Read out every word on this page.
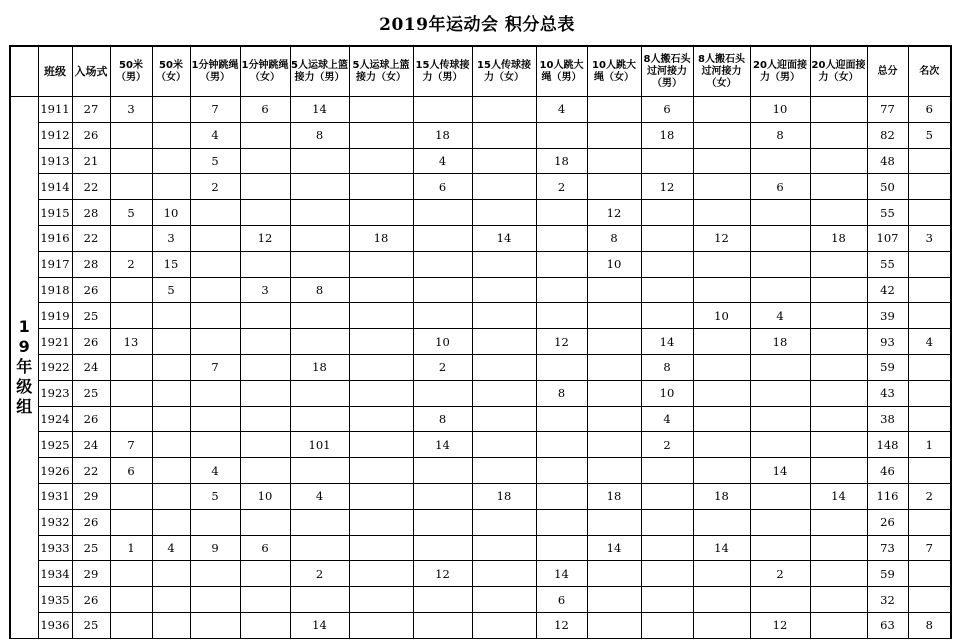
2019年运动会 积分总表
	班级	入场式	50米（男）	50米（女）	1分钟跳绳（男）	1分钟跳绳（女）	5人运球上篮接力（男）	5人运球上篮接力（女）	15人传球接力（男）	15人传球接力（女）	10人跳大绳（男）	10人跳大绳（女）	8人搬石头过河接力（男）	8人搬石头过河接力（女）	20人迎面接力（男）	20人迎面接力（女）	总分	名次
1
9
年
级
组	1911	27	3		7	6	14				4		6		10		77	6
	1912	26			4		8		18				18		8		82	5
	1913	21			5				4		18						48	
	1914	22			2				6		2		12		6		50	
	1915	28	5	10								12					55	
	1916	22		3		12		18		14		8		12		18	107	3
	1917	28	2	15								10					55	
	1918	26		5		3	8										42	
	1919	25												10	4		39	
	1921	26	13						10		12		14		18		93	4
	1922	24			7		18		2				8				59	
	1923	25									8		10				43	
	1924	26							8				4				38	
	1925	24	7				101		14				2				148	1
	1926	22	6		4										14		46	
	1931	29			5	10	4			18		18		18		14	116	2
	1932	26															26	
	1933	25	1	4	9	6						14		14			73	7
	1934	29					2		12		14				2		59	
	1935	26									6						32	
	1936	25					14				12				12		63	8
